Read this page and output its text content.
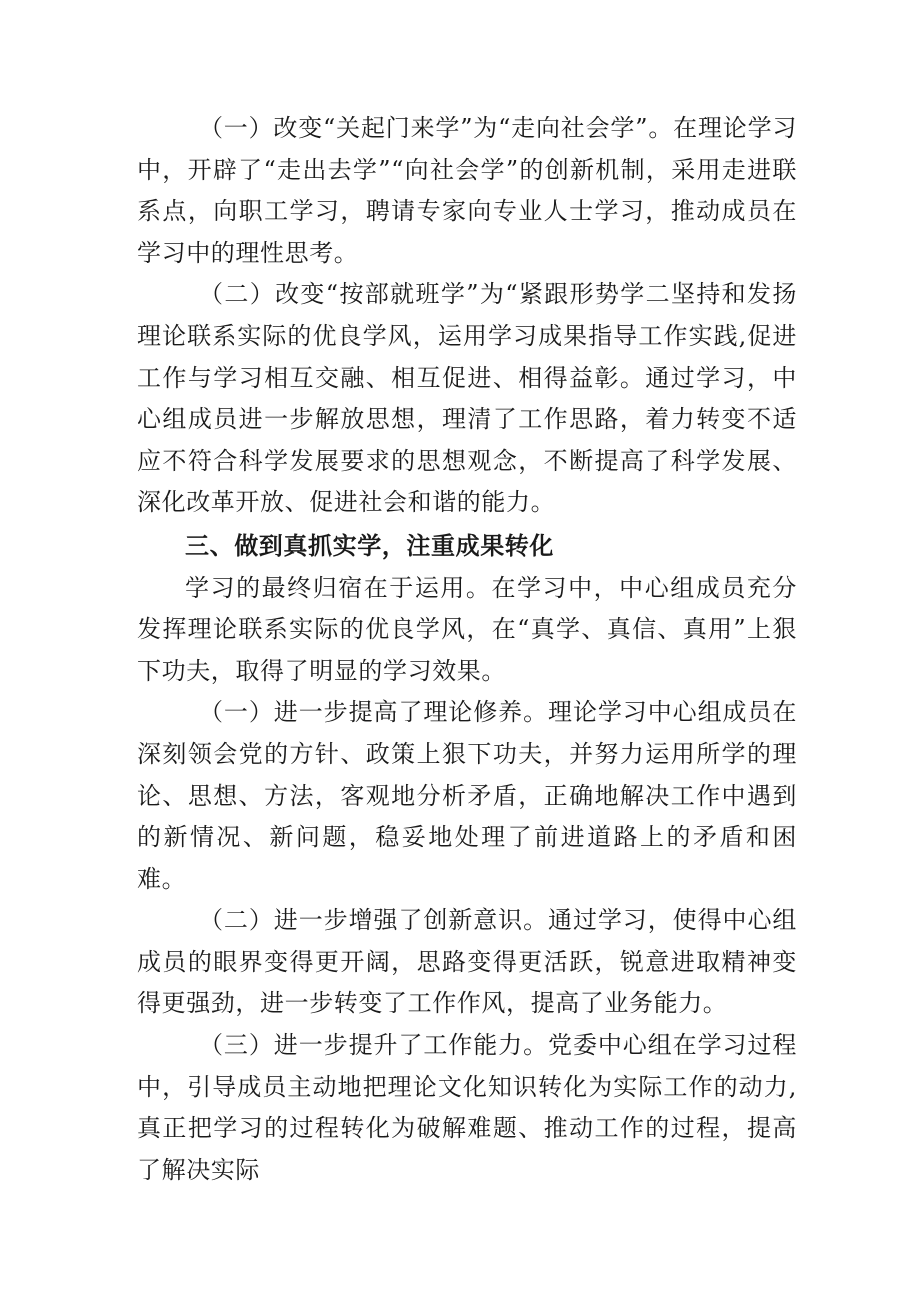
（一）改变“关起门来学”为“走向社会学”。在理论学习中，开辟了“走出去学”“向社会学”的创新机制，采用走进联系点，向职工学习，聘请专家向专业人士学习，推动成员在学习中的理性思考。

（二）改变“按部就班学”为“紧跟形势学二坚持和发扬理论联系实际的优良学风，运用学习成果指导工作实践,促进工作与学习相互交融、相互促进、相得益彰。通过学习，中心组成员进一步解放思想，理清了工作思路，着力转变不适应不符合科学发展要求的思想观念，不断提高了科学发展、深化改革开放、促进社会和谐的能力。

三、做到真抓实学，注重成果转化

学习的最终归宿在于运用。在学习中，中心组成员充分发挥理论联系实际的优良学风，在“真学、真信、真用”上狠下功夫，取得了明显的学习效果。

（一）进一步提高了理论修养。理论学习中心组成员在深刻领会党的方针、政策上狠下功夫，并努力运用所学的理论、思想、方法，客观地分析矛盾，正确地解决工作中遇到的新情况、新问题，稳妥地处理了前进道路上的矛盾和困难。

（二）进一步增强了创新意识。通过学习，使得中心组成员的眼界变得更开阔，思路变得更活跃，锐意进取精神变得更强劲，进一步转变了工作作风，提高了业务能力。

（三）进一步提升了工作能力。党委中心组在学习过程中，引导成员主动地把理论文化知识转化为实际工作的动力,真正把学习的过程转化为破解难题、推动工作的过程，提高了解决实际
